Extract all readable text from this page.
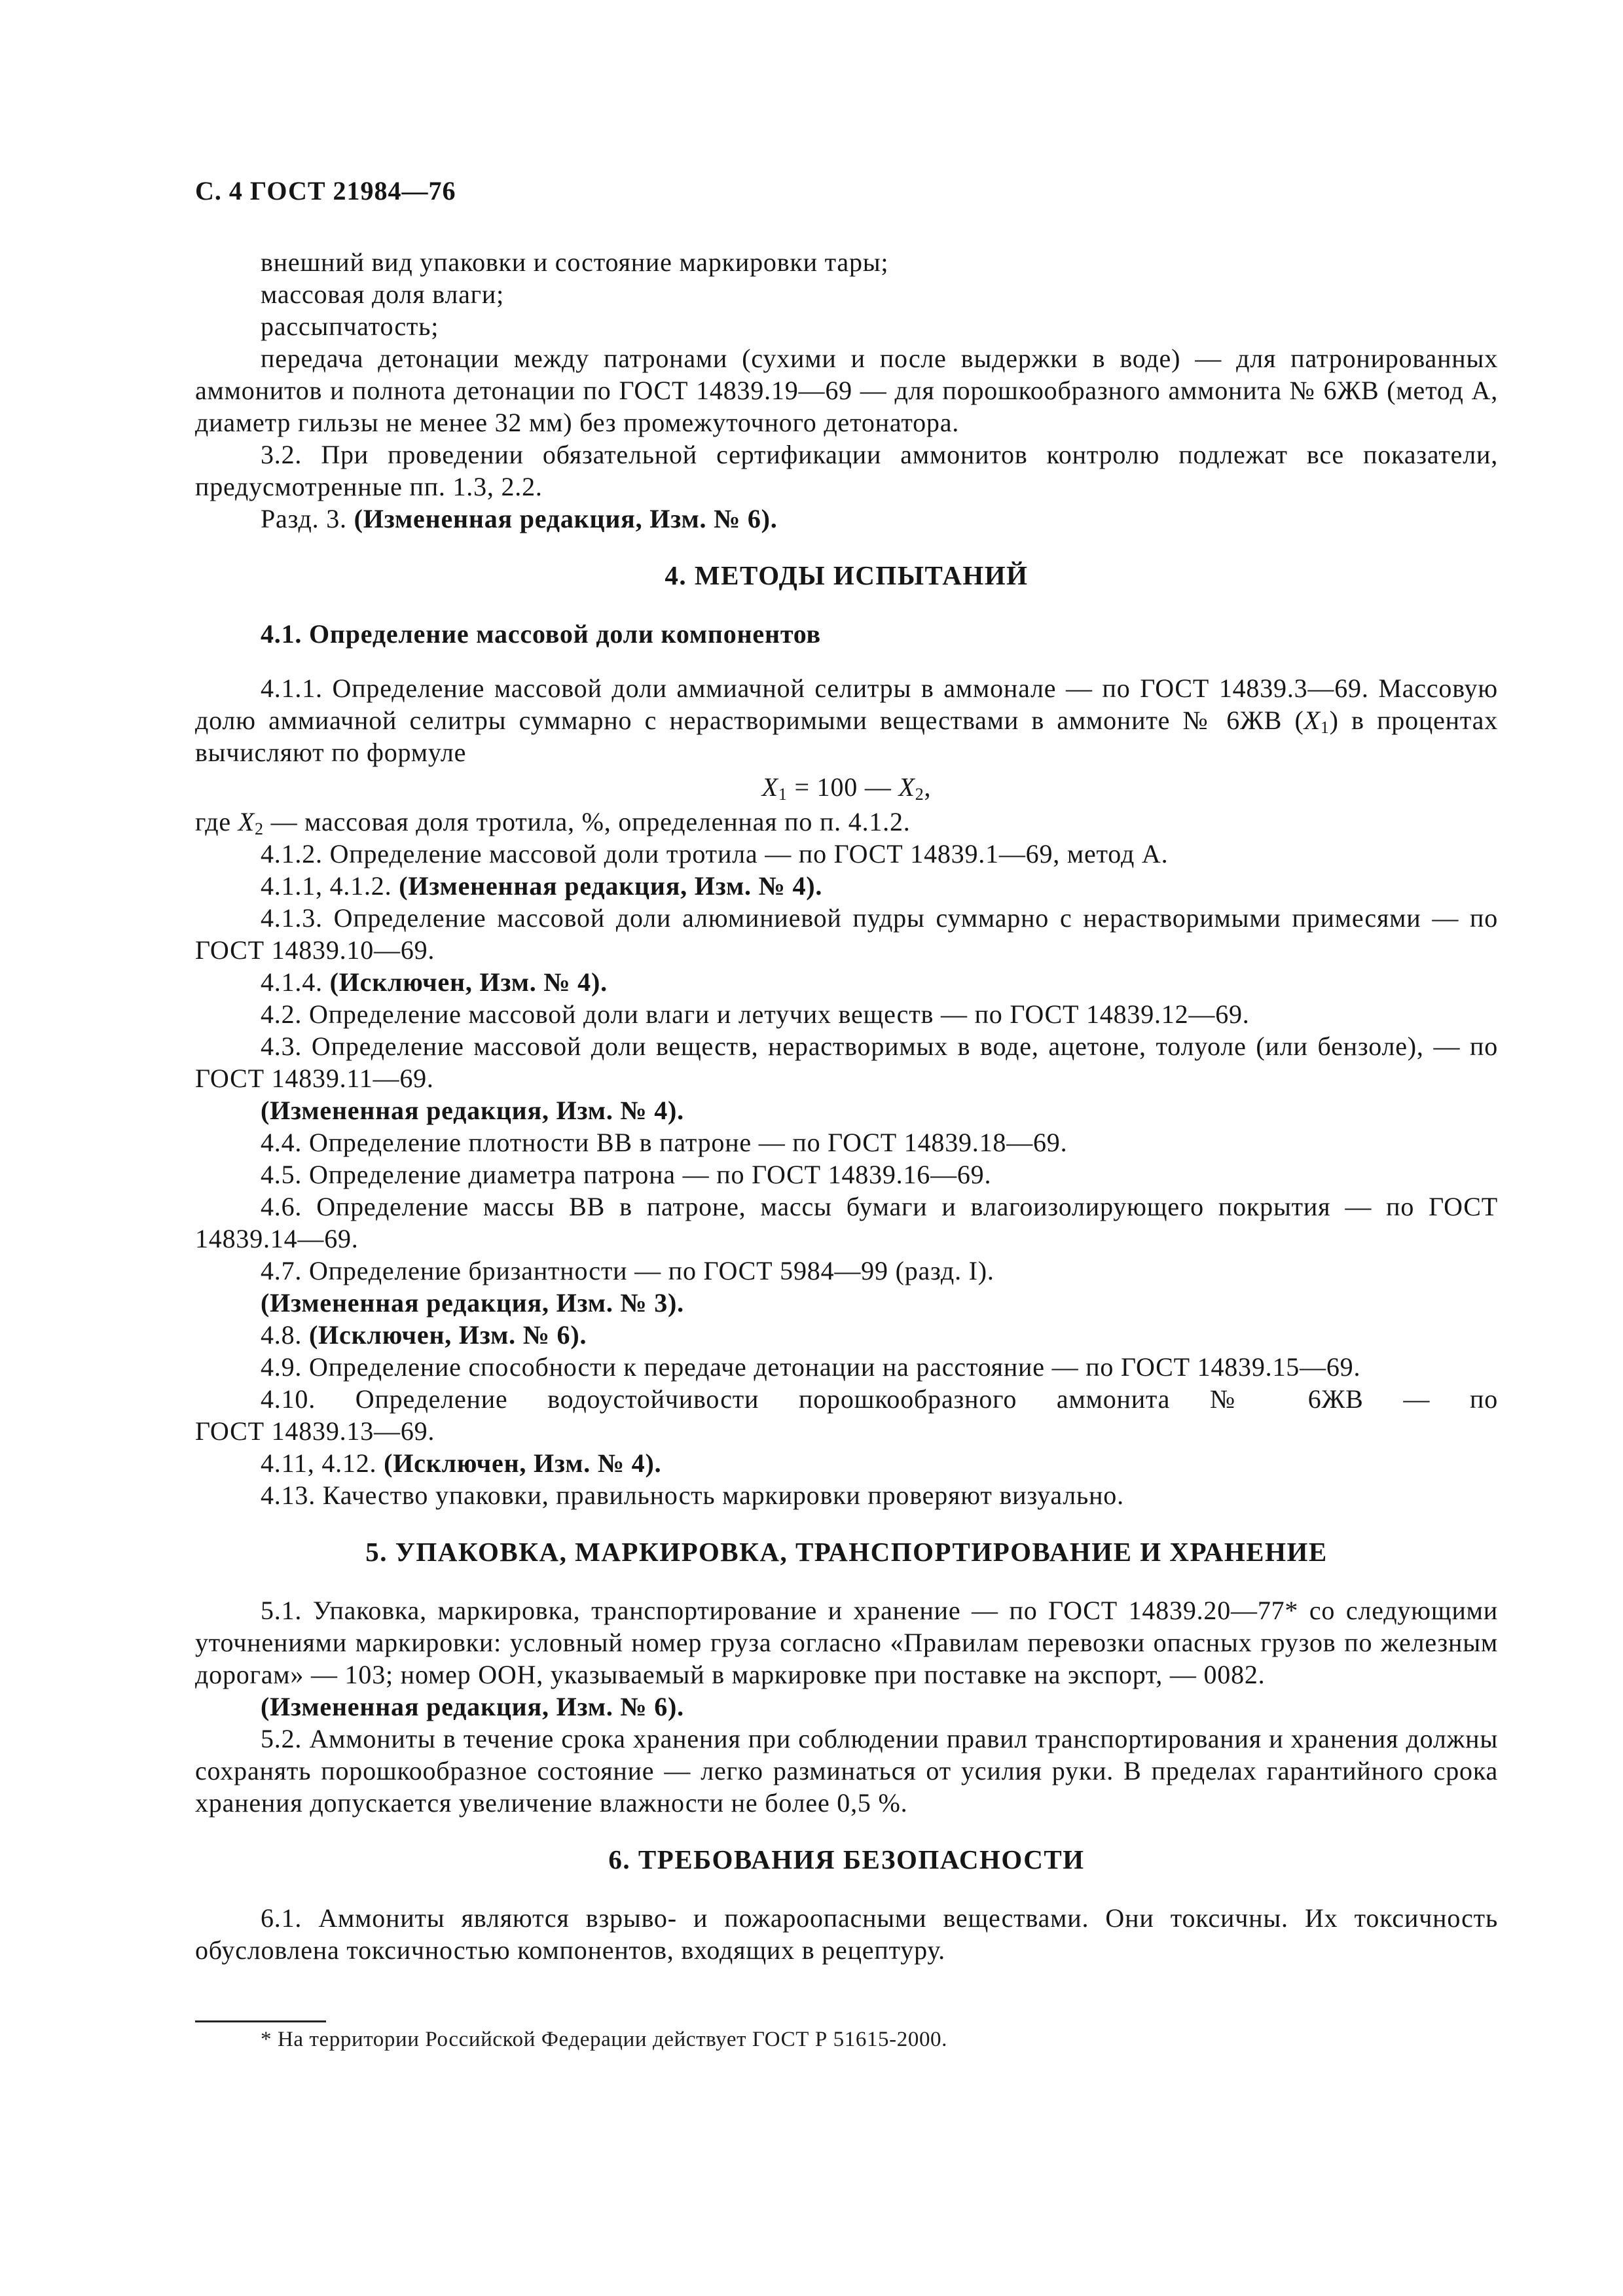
С. 4 ГОСТ 21984—76

внешний вид упаковки и состояние маркировки тары;

массовая доля влаги;

рассыпчатость;

передача детонации между патронами (сухими и после выдержки в воде) — для патронированных аммонитов и полнота детонации по ГОСТ 14839.19—69 — для порошкообразного аммонита № 6ЖВ (метод А, диаметр гильзы не менее 32 мм) без промежуточного детонатора.

3.2. При проведении обязательной сертификации аммонитов контролю подлежат все показатели, предусмотренные пп. 1.3, 2.2.

Разд. 3. (Измененная редакция, Изм. № 6).

4. МЕТОДЫ ИСПЫТАНИЙ

4.1. Определение массовой доли компонентов

4.1.1. Определение массовой доли аммиачной селитры в аммонале — по ГОСТ 14839.3—69. Массовую долю аммиачной селитры суммарно с нерастворимыми веществами в аммоните № 6ЖВ $(X_1)$ в процентах вычисляют по формуле

$X_1 = 100$ — $X_2$,

где $X_2$ — массовая доля тротила, %, определенная по п. 4.1.2.

4.1.2. Определение массовой доли тротила — по ГОСТ 14839.1—69, метод А.

4.1.1, 4.1.2. (Измененная редакция, Изм. № 4).

4.1.3. Определение массовой доли алюминиевой пудры суммарно с нерастворимыми примесями — по ГОСТ 14839.10—69.

4.1.4. (Исключен, Изм. № 4).

4.2. Определение массовой доли влаги и летучих веществ — по ГОСТ 14839.12—69.

4.3. Определение массовой доли веществ, нерастворимых в воде, ацетоне, толуоле (или бензоле), — по ГОСТ 14839.11—69.

(Измененная редакция, Изм. № 4).

4.4. Определение плотности ВВ в патроне — по ГОСТ 14839.18—69.

4.5. Определение диаметра патрона — по ГОСТ 14839.16—69.

4.6. Определение массы ВВ в патроне, массы бумаги и влагоизолирующего покрытия — по ГОСТ 14839.14—69.

4.7. Определение бризантности — по ГОСТ 5984—99 (разд. I).

(Измененная редакция, Изм. № 3).

4.8. (Исключен, Изм. № 6).

4.9. Определение способности к передаче детонации на расстояние — по ГОСТ 14839.15—69.

4.10. Определение водоустойчивости порошкообразного аммонита № 6ЖВ — по

ГОСТ 14839.13—69.

4.11, 4.12. (Исключен, Изм. № 4).

4.13. Качество упаковки, правильность маркировки проверяют визуально.

5. УПАКОВКА, МАРКИРОВКА, ТРАНСПОРТИРОВАНИЕ И ХРАНЕНИЕ

5.1. Упаковка, маркировка, транспортирование и хранение — по ГОСТ 14839.20—77* со следующими уточнениями маркировки: условный номер груза согласно «Правилам перевозки опасных грузов по железным дорогам» — 103; номер ООН, указываемый в маркировке при поставке на экспорт, — 0082.

(Измененная редакция, Изм. № 6).

5.2. Аммониты в течение срока хранения при соблюдении правил транспортирования и хранения должны сохранять порошкообразное состояние — легко разминаться от усилия руки. В пределах гарантийного срока хранения допускается увеличение влажности не более 0,5 %.

6. ТРЕБОВАНИЯ БЕЗОПАСНОСТИ

6.1. Аммониты являются взрыво- и пожароопасными веществами. Они токсичны. Их токсичность обусловлена токсичностью компонентов, входящих в рецептуру.

* На территории Российской Федерации действует ГОСТ Р 51615-2000.
